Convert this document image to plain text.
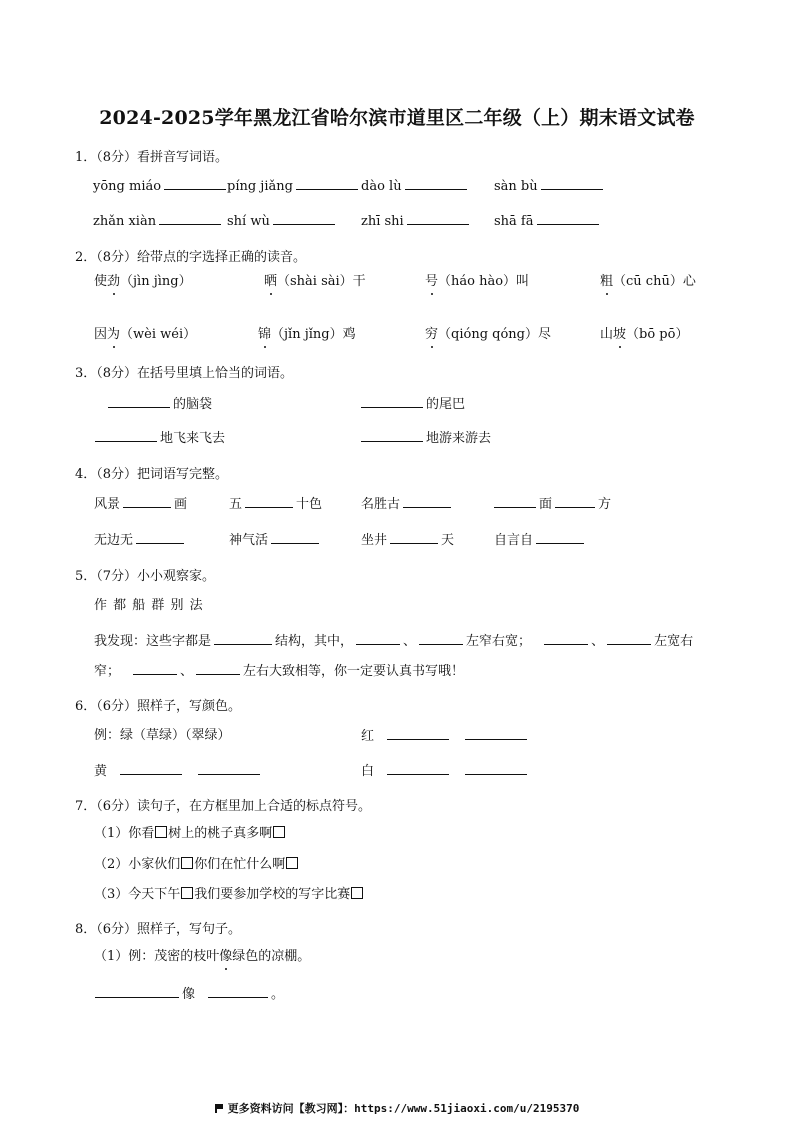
2024-2025学年黑龙江省哈尔滨市道里区二年级（上）期末语文试卷
1．（8分）看拼音写词语。
yōng miáo	píng jiǎng	dào lù	sàn bù
zhǎn xiàn	shí wù	zhī shi	shā fā
2．（8分）给带点的字选择正确的读音。
使劲（jìn jìng）	晒（shài sài）干	号（háo hào）叫	粗（cū chū）心
因为（wèi wéi）	锦（jǐn jǐng）鸡	穷（qióng qóng）尽	山坡（bō pō）
3．（8分）在括号里填上恰当的词语。
的脑袋	的尾巴
地飞来飞去	地游来游去
4．（8分）把词语写完整。
风景	画	五	十色	名胜古	面	方
无边无	神气活	坐井	天	自言自
5．（7分）小小观察家。
作 都 船 群 别 法
我发现：这些字都是	结构，其中，	、	左窄右宽；	、	左宽右
窄；	、	左右大致相等，你一定要认真书写哦！
6．（6分）照样子，写颜色。
例：绿（草绿）（翠绿）	红
黄	白
7．（6分）读句子，在方框里加上合适的标点符号。
（1）你看 树上的桃子真多啊
（2）小家伙们 你们在忙什么啊
（3）今天下午 我们要参加学校的写字比赛
8．（6分）照样子，写句子。
（1）例：茂密的枝叶像绿色的凉棚。
像	。
更多资料访问【教习网】：https://www.51jiaoxi.com/u/2195370
